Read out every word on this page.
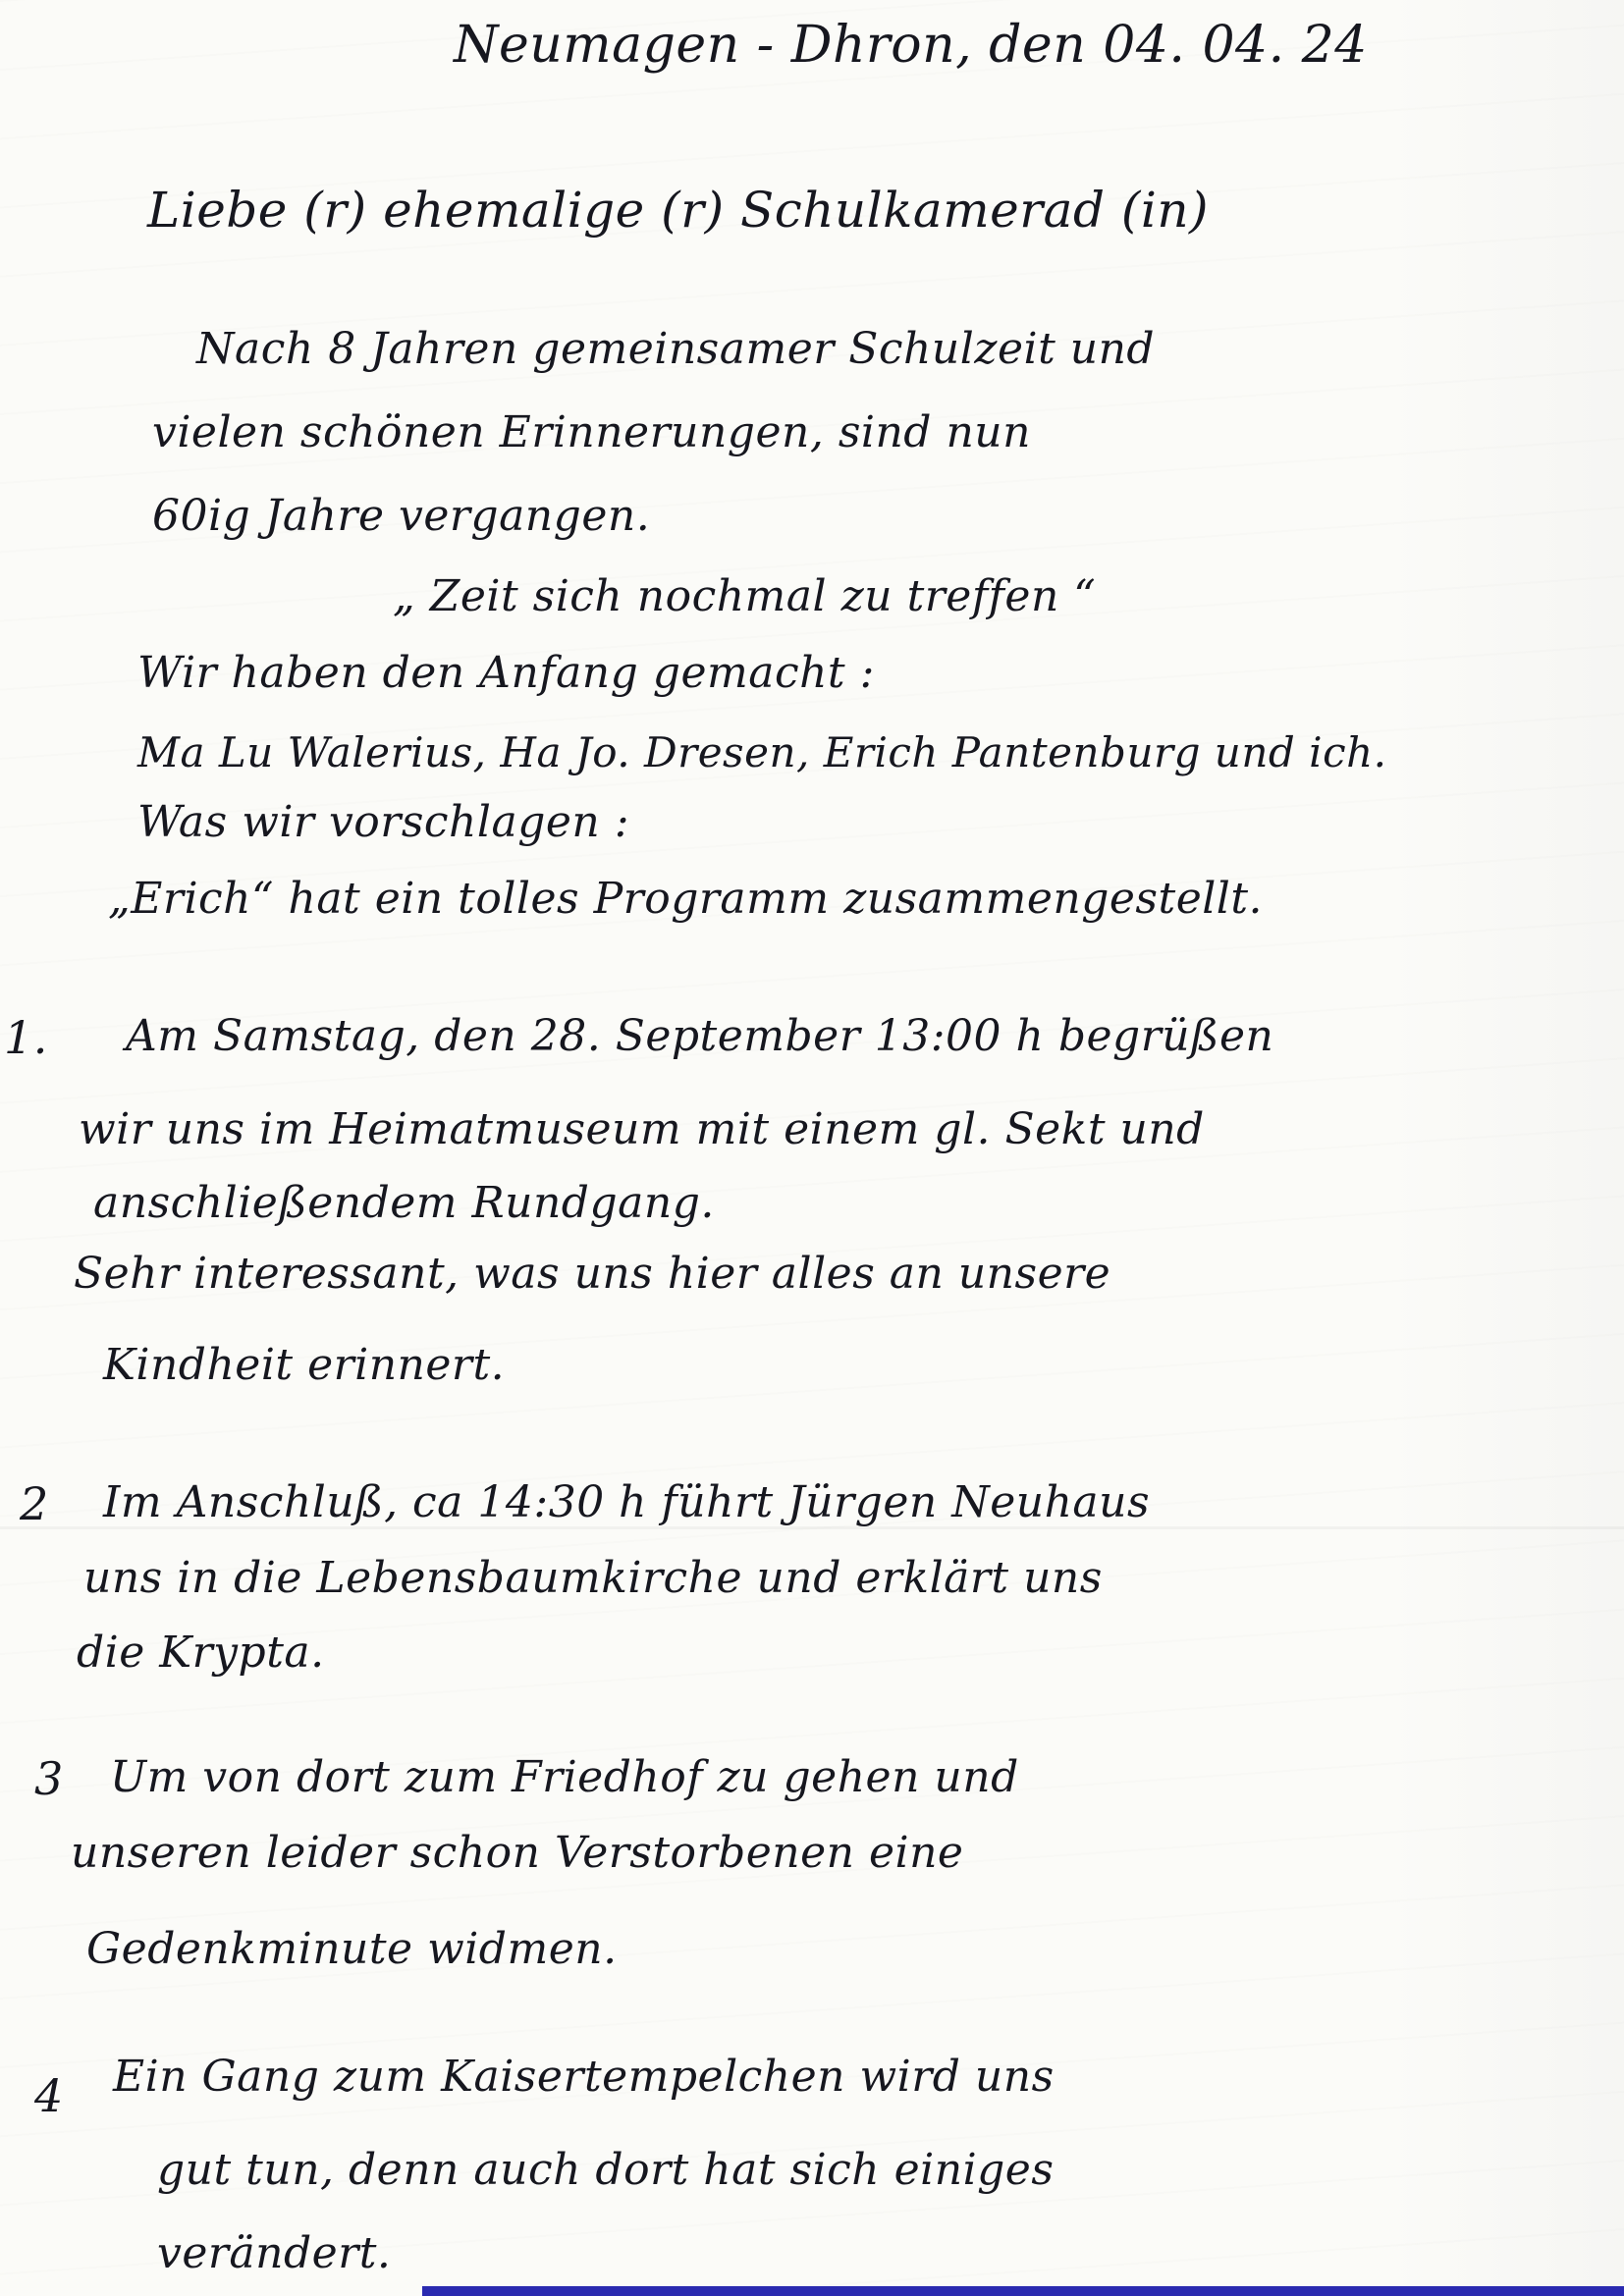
Neumagen - Dhron, den 04. 04. 24
Liebe (r) ehemalige (r) Schulkamerad (in)
Nach 8 Jahren gemeinsamer Schulzeit und
vielen schönen Erinnerungen, sind nun
60ig Jahre vergangen.
„ Zeit sich nochmal zu treffen “
Wir haben den Anfang gemacht :
Ma Lu Walerius, Ha Jo. Dresen, Erich Pantenburg und ich.
Was wir vorschlagen :
„Erich“ hat ein tolles Programm zusammengestellt.
1. Am Samstag, den 28. September 13:00 h begrüßen
wir uns im Heimatmuseum mit einem gl. Sekt und
anschließendem Rundgang.
Sehr interessant, was uns hier alles an unsere
Kindheit erinnert.
2 Im Anschluß, ca 14:30 h führt Jürgen Neuhaus
uns in die Lebensbaumkirche und erklärt uns
die Krypta.
3 Um von dort zum Friedhof zu gehen und
unseren leider schon Verstorbenen eine
Gedenkminute widmen.
4 Ein Gang zum Kaisertempelchen wird uns
gut tun, denn auch dort hat sich einiges
verändert.
